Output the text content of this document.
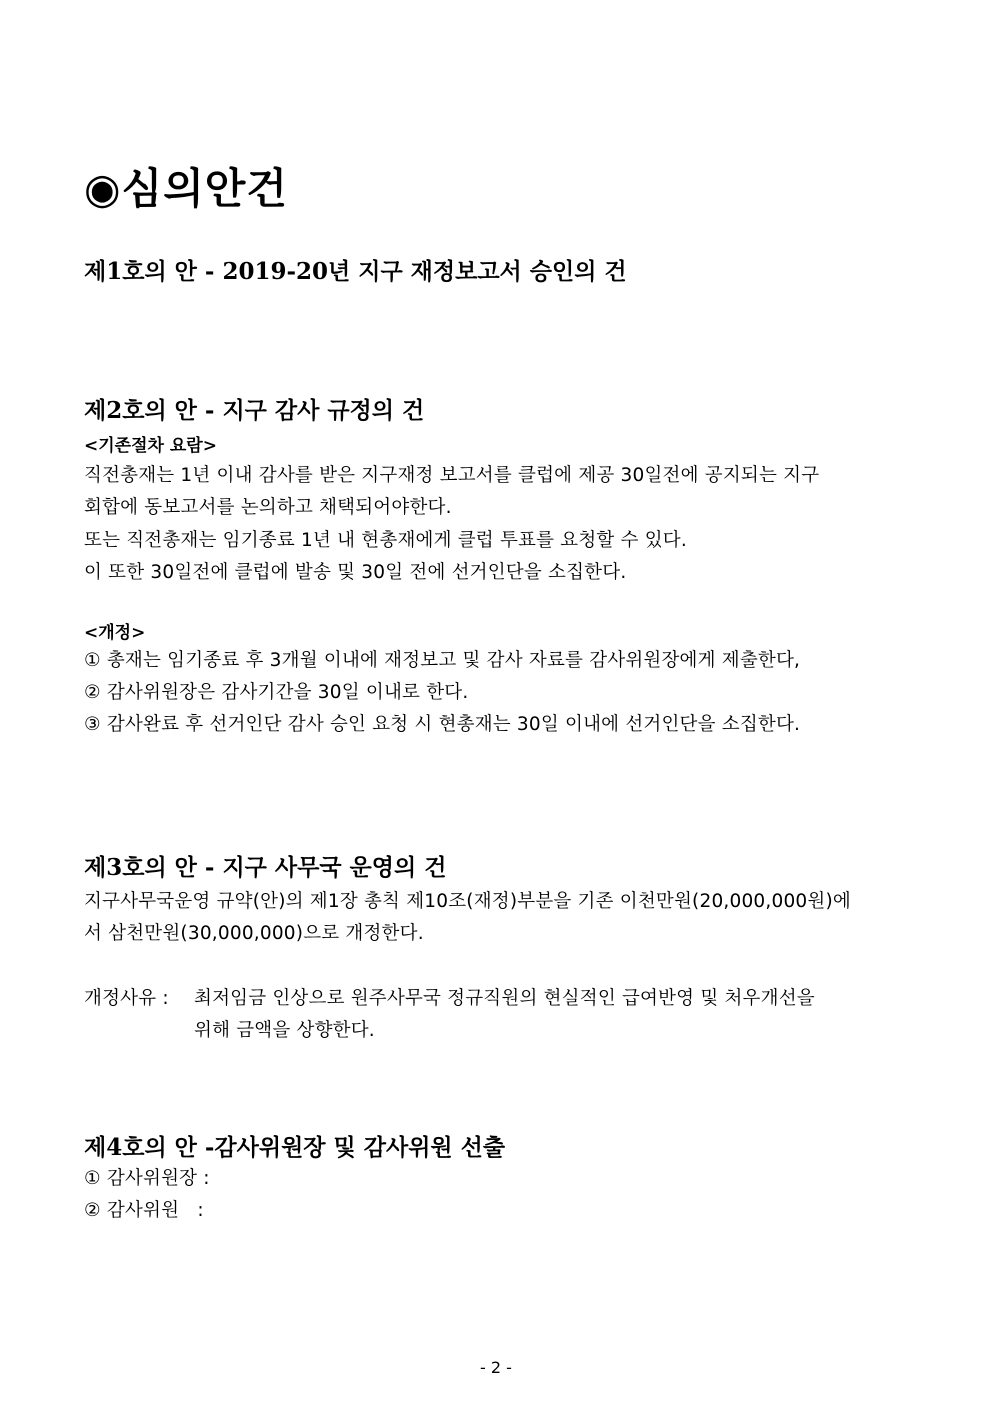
◉심의안건
제1호의 안 - 2019-20년 지구 재정보고서 승인의 건
제2호의 안 - 지구 감사 규정의 건
<기존절차 요람>
직전총재는 1년 이내 감사를 받은 지구재정 보고서를 클럽에 제공 30일전에 공지되는 지구
회합에 동보고서를 논의하고 채택되어야한다.
또는 직전총재는 임기종료 1년 내 현총재에게 클럽 투표를 요청할 수 있다.
이 또한 30일전에 클럽에 발송 및 30일 전에 선거인단을 소집한다.
<개정>
① 총재는 임기종료 후 3개월 이내에 재정보고 및 감사 자료를 감사위원장에게 제출한다,
② 감사위원장은 감사기간을 30일 이내로 한다.
③ 감사완료 후 선거인단 감사 승인 요청 시 현총재는 30일 이내에 선거인단을 소집한다.
제3호의 안 - 지구 사무국 운영의 건
지구사무국운영 규약(안)의 제1장 총칙 제10조(재정)부분을 기존 이천만원(20,000,000원)에
서 삼천만원(30,000,000)으로 개정한다.
개정사유 : 최저임금 인상으로 원주사무국 정규직원의 현실적인 급여반영 및 처우개선을
위해 금액을 상향한다.
제4호의 안 -감사위원장 및 감사위원 선출
① 감사위원장 :
② 감사위원   :
- 2 -
